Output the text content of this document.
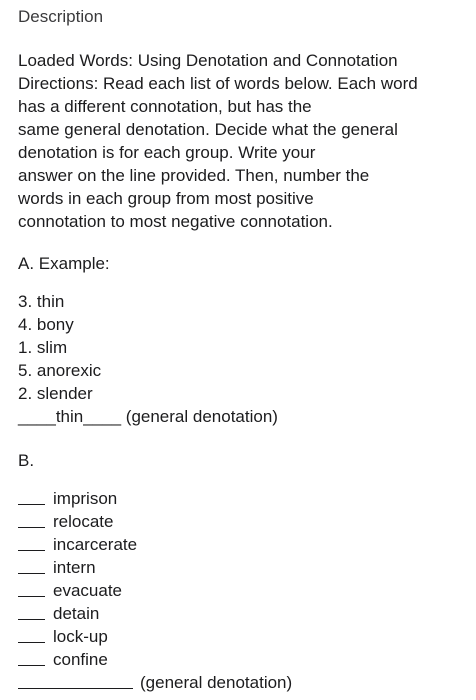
Description
Loaded Words: Using Denotation and Connotation
Directions: Read each list of words below. Each word
has a different connotation, but has the
same general denotation. Decide what the general
denotation is for each group. Write your
answer on the line provided. Then, number the
words in each group from most positive
connotation to most negative connotation.
A. Example:
3. thin
4. bony
1. slim
5. anorexic
2. slender
____thin____ (general denotation)
B.
imprison
relocate
incarcerate
intern
evacuate
detain
lock-up
confine
(general denotation)
